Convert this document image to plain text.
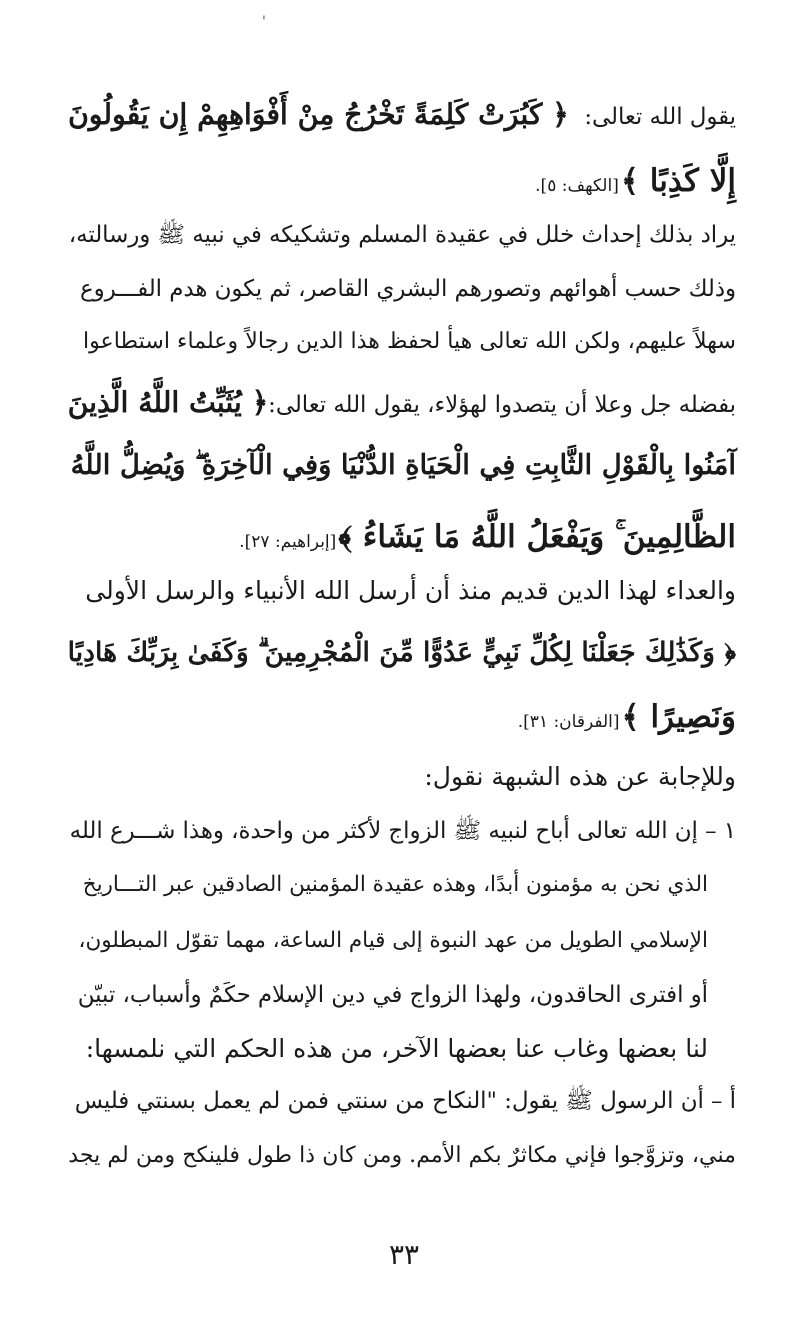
'
يقول الله تعالى:
﴿ كَبُرَتْ كَلِمَةً تَخْرُجُ مِنْ أَفْوَاهِهِمْ إِن يَقُولُونَ
إِلَّا كَذِبًا ﴾
[الكهف: ٥].
يراد بذلك إحداث خلل في عقيدة المسلم وتشكيكه في نبيه ﷺ ورسالته،
وذلك حسب أهوائهم وتصورهم البشري القاصر، ثم يكون هدم الفـــروع
سهلاً عليهم، ولكن الله تعالى هيأ لحفظ هذا الدين رجالاً وعلماء استطاعوا
بفضله جل وعلا أن يتصدوا لهؤلاء، يقول الله تعالى:
﴿ يُثَبِّتُ اللَّهُ الَّذِينَ
آمَنُوا بِالْقَوْلِ الثَّابِتِ فِي الْحَيَاةِ الدُّنْيَا وَفِي الْآخِرَةِ ۖ وَيُضِلُّ اللَّهُ
الظَّالِمِينَ ۚ وَيَفْعَلُ اللَّهُ مَا يَشَاءُ ﴾
[إبراهيم: ٢٧].
والعداء لهذا الدين قديم منذ أن أرسل الله الأنبياء والرسل الأولى
﴿ وَكَذَٰلِكَ جَعَلْنَا لِكُلِّ نَبِيٍّ عَدُوًّا مِّنَ الْمُجْرِمِينَ ۗ وَكَفَىٰ بِرَبِّكَ هَادِيًا
وَنَصِيرًا ﴾
[الفرقان: ٣١].
وللإجابة عن هذه الشبهة نقول:
١ – إن الله تعالى أباح لنبيه ﷺ الزواج لأكثر من واحدة، وهذا شـــرع الله
الذي نحن به مؤمنون أبدًا، وهذه عقيدة المؤمنين الصادقين عبر التـــاريخ
الإسلامي الطويل من عهد النبوة إلى قيام الساعة، مهما تقوّل المبطلون،
أو افترى الحاقدون، ولهذا الزواج في دين الإسلام حكَمٌ وأسباب، تبيّن
لنا بعضها وغاب عنا بعضها الآخر، من هذه الحكم التي نلمسها:
أ – أن الرسول ﷺ يقول: "النكاح من سنتي فمن لم يعمل بسنتي فليس
مني، وتزوَّجوا فإني مكاثرٌ بكم الأمم. ومن كان ذا طول فلينكح ومن لم يجد
٣٣
